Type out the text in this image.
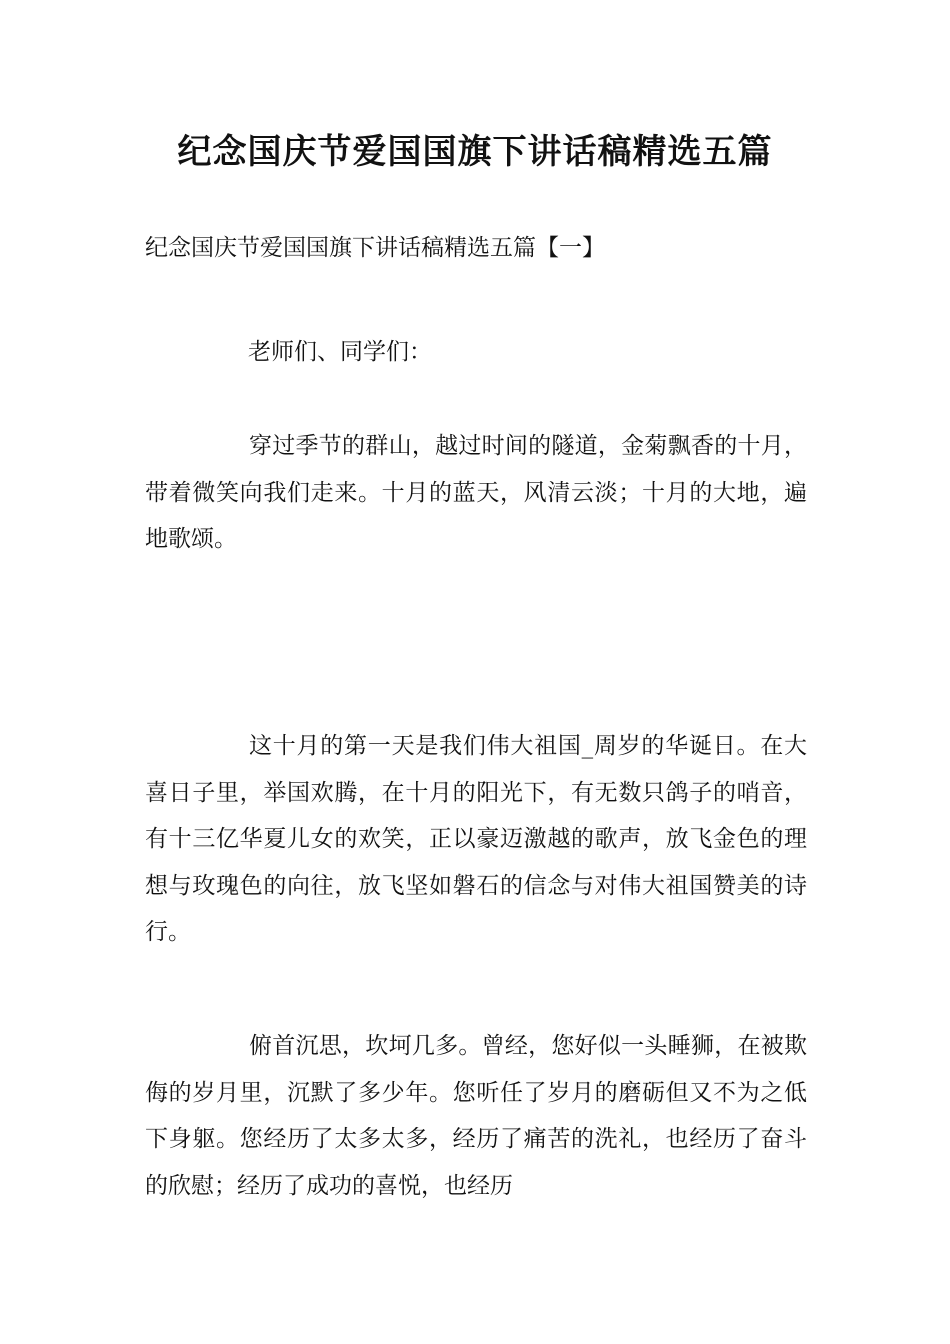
纪念国庆节爱国国旗下讲话稿精选五篇
纪念国庆节爱国国旗下讲话稿精选五篇【一】
老师们、同学们：

穿过季节的群山，越过时间的隧道，金菊飘香的十月，带着微笑向我们走来。十月的蓝天，风清云淡；十月的大地，遍地歌颂。

这十月的第一天是我们伟大祖国_周岁的华诞日。在大喜日子里，举国欢腾，在十月的阳光下，有无数只鸽子的哨音，有十三亿华夏儿女的欢笑，正以豪迈激越的歌声，放飞金色的理想与玫瑰色的向往，放飞坚如磐石的信念与对伟大祖国赞美的诗行。

俯首沉思，坎坷几多。曾经，您好似一头睡狮，在被欺侮的岁月里，沉默了多少年。您听任了岁月的磨砺但又不为之低下身躯。您经历了太多太多，经历了痛苦的洗礼，也经历了奋斗的欣慰；经历了成功的喜悦，也经历
